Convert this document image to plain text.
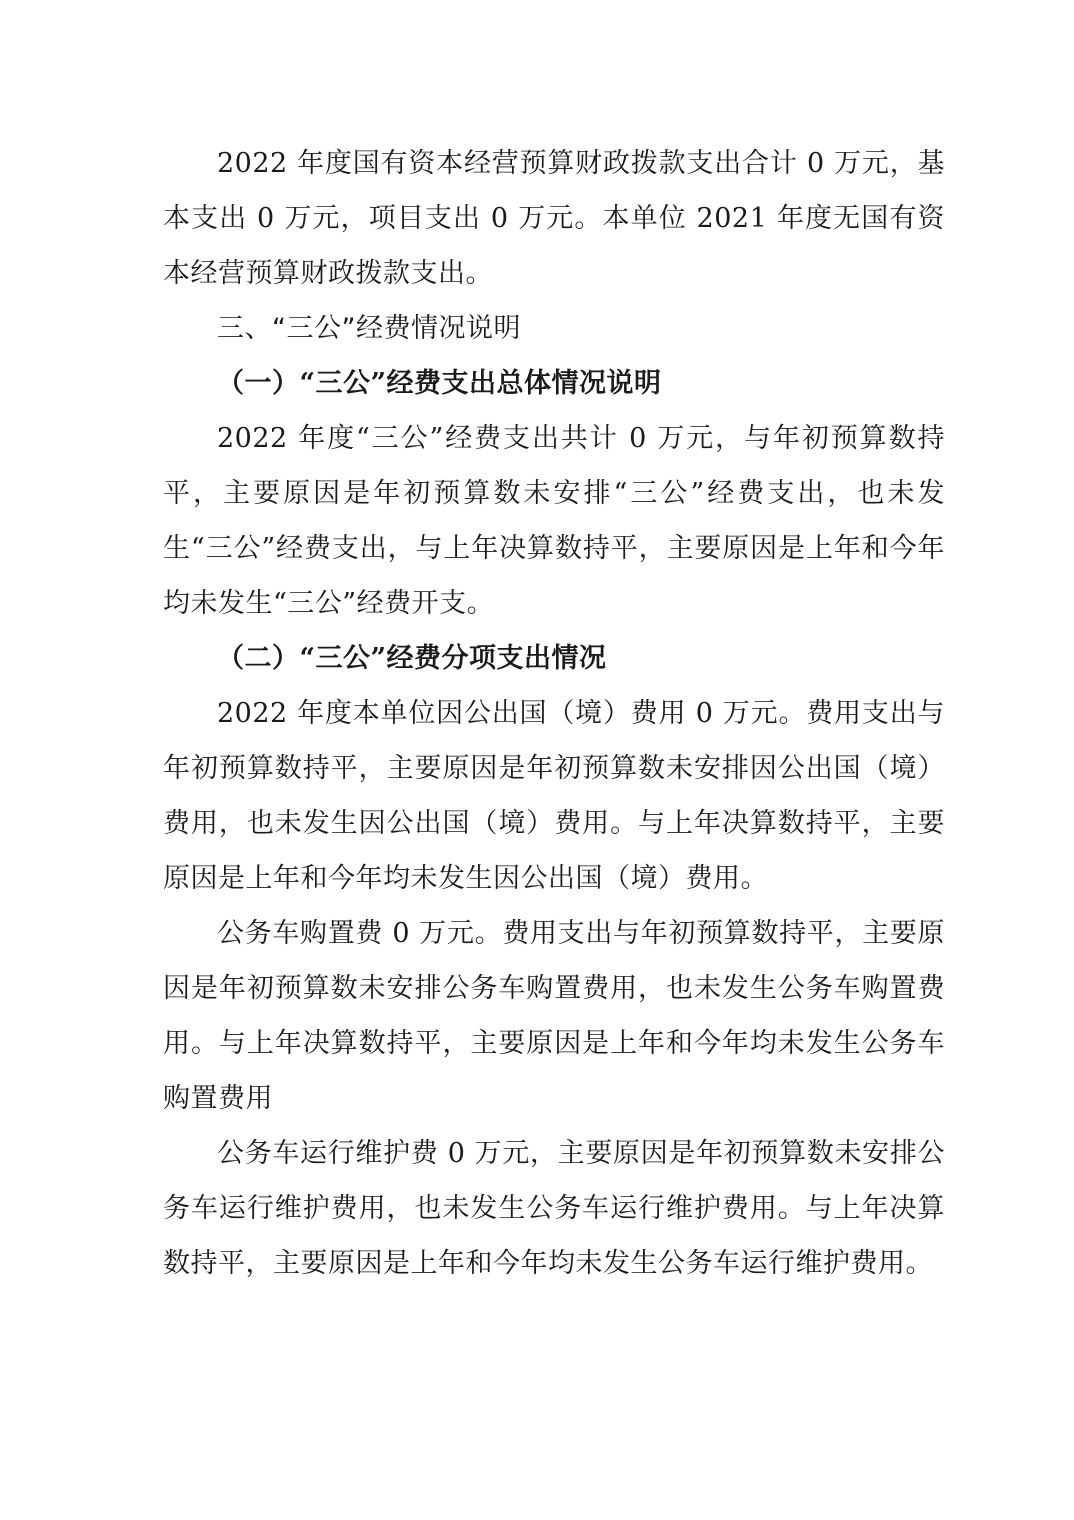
2022 年度国有资本经营预算财政拨款支出合计 0 万元，基本支出 0 万元，项目支出 0 万元。本单位 2021 年度无国有资本经营预算财政拨款支出。

三、“三公”经费情况说明

（一）“三公”经费支出总体情况说明

2022 年度“三公”经费支出共计 0 万元，与年初预算数持平，主要原因是年初预算数未安排“三公”经费支出，也未发生“三公”经费支出，与上年决算数持平，主要原因是上年和今年均未发生“三公”经费开支。

（二）“三公”经费分项支出情况

2022 年度本单位因公出国（境）费用 0 万元。费用支出与年初预算数持平，主要原因是年初预算数未安排因公出国（境）费用，也未发生因公出国（境）费用。与上年决算数持平，主要原因是上年和今年均未发生因公出国（境）费用。

公务车购置费 0 万元。费用支出与年初预算数持平，主要原因是年初预算数未安排公务车购置费用，也未发生公务车购置费用。与上年决算数持平，主要原因是上年和今年均未发生公务车购置费用

公务车运行维护费 0 万元，主要原因是年初预算数未安排公务车运行维护费用，也未发生公务车运行维护费用。与上年决算数持平，主要原因是上年和今年均未发生公务车运行维护费用。
